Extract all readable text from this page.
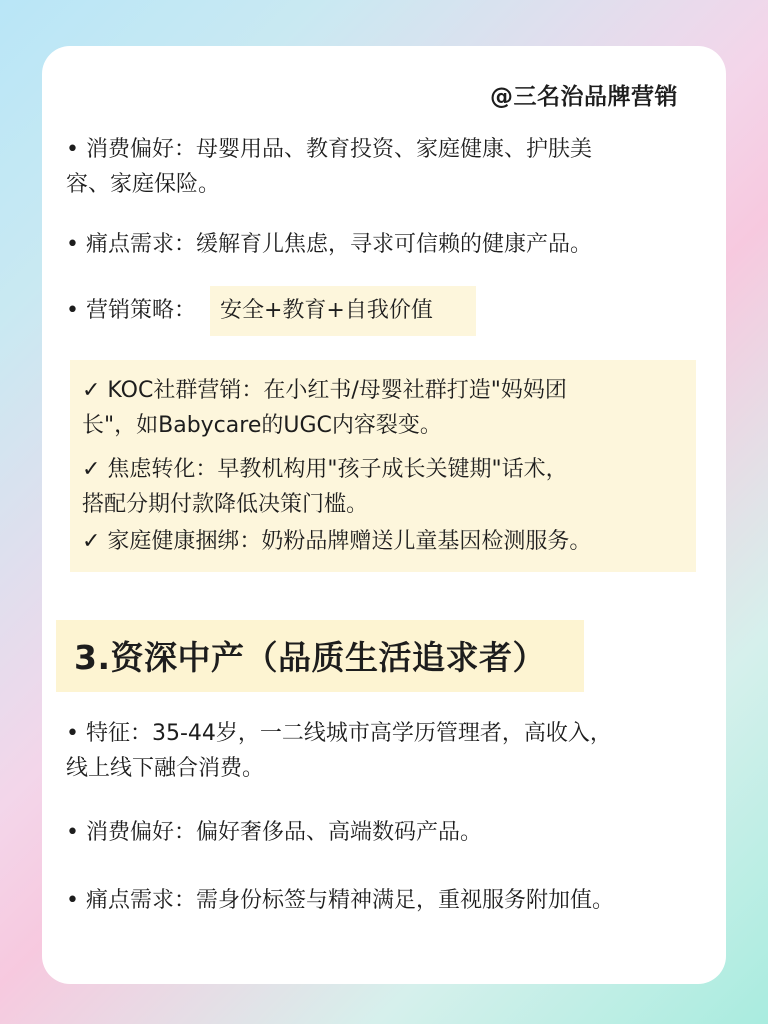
@三名治品牌营销
• 消费偏好：母婴用品、教育投资、家庭健康、护肤美
容、家庭保险。
• 痛点需求：缓解育儿焦虑，寻求可信赖的健康产品。
• 营销策略：	安全+教育+自我价值
✓ KOC社群营销：在小红书/母婴社群打造"妈妈团
长"，如Babycare的UGC内容裂变。
✓ 焦虑转化：早教机构用"孩子成长关键期"话术，
搭配分期付款降低决策门槛。
✓ 家庭健康捆绑：奶粉品牌赠送儿童基因检测服务。
3.资深中产（品质生活追求者）
• 特征：35-44岁，一二线城市高学历管理者，高收入，
线上线下融合消费。
• 消费偏好：偏好奢侈品、高端数码产品。
• 痛点需求：需身份标签与精神满足，重视服务附加值。
